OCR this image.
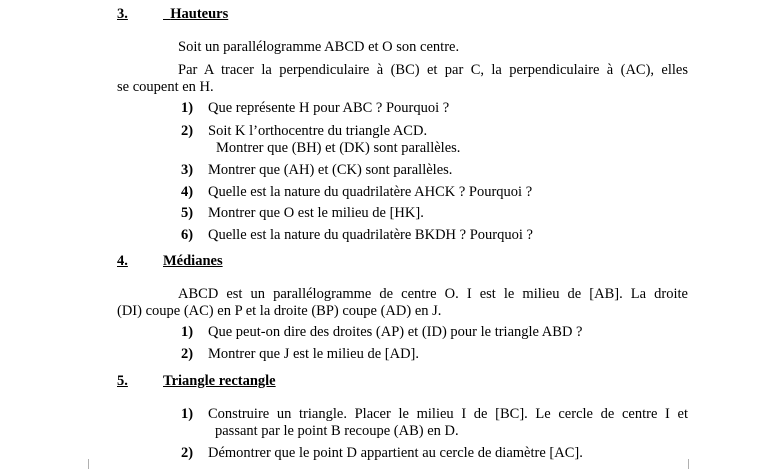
3.	Hauteurs
Soit un parallélogramme ABCD et O son centre.
Par A tracer la perpendiculaire à (BC) et par C, la perpendiculaire à (AC), elles
se coupent en H.
1) Que représente H pour ABC ? Pourquoi ?
2) Soit K l’orthocentre du triangle ACD.
Montrer que (BH) et (DK) sont parallèles.
3) Montrer que (AH) et (CK) sont parallèles.
4) Quelle est la nature du quadrilatère AHCK ? Pourquoi ?
5) Montrer que O est le milieu de [HK].
6) Quelle est la nature du quadrilatère BKDH ? Pourquoi ?
4. Médianes
ABCD est un parallélogramme de centre O. I est le milieu de [AB]. La droite
(DI) coupe (AC) en P et la droite (BP) coupe (AD) en J.
1) Que peut-on dire des droites (AP) et (ID) pour le triangle ABD ?
2) Montrer que J est le milieu de [AD].
5. Triangle rectangle
1) Construire un triangle. Placer le milieu I de [BC]. Le cercle de centre I et
passant par le point B recoupe (AB) en D.
2) Démontrer que le point D appartient au cercle de diamètre [AC].
